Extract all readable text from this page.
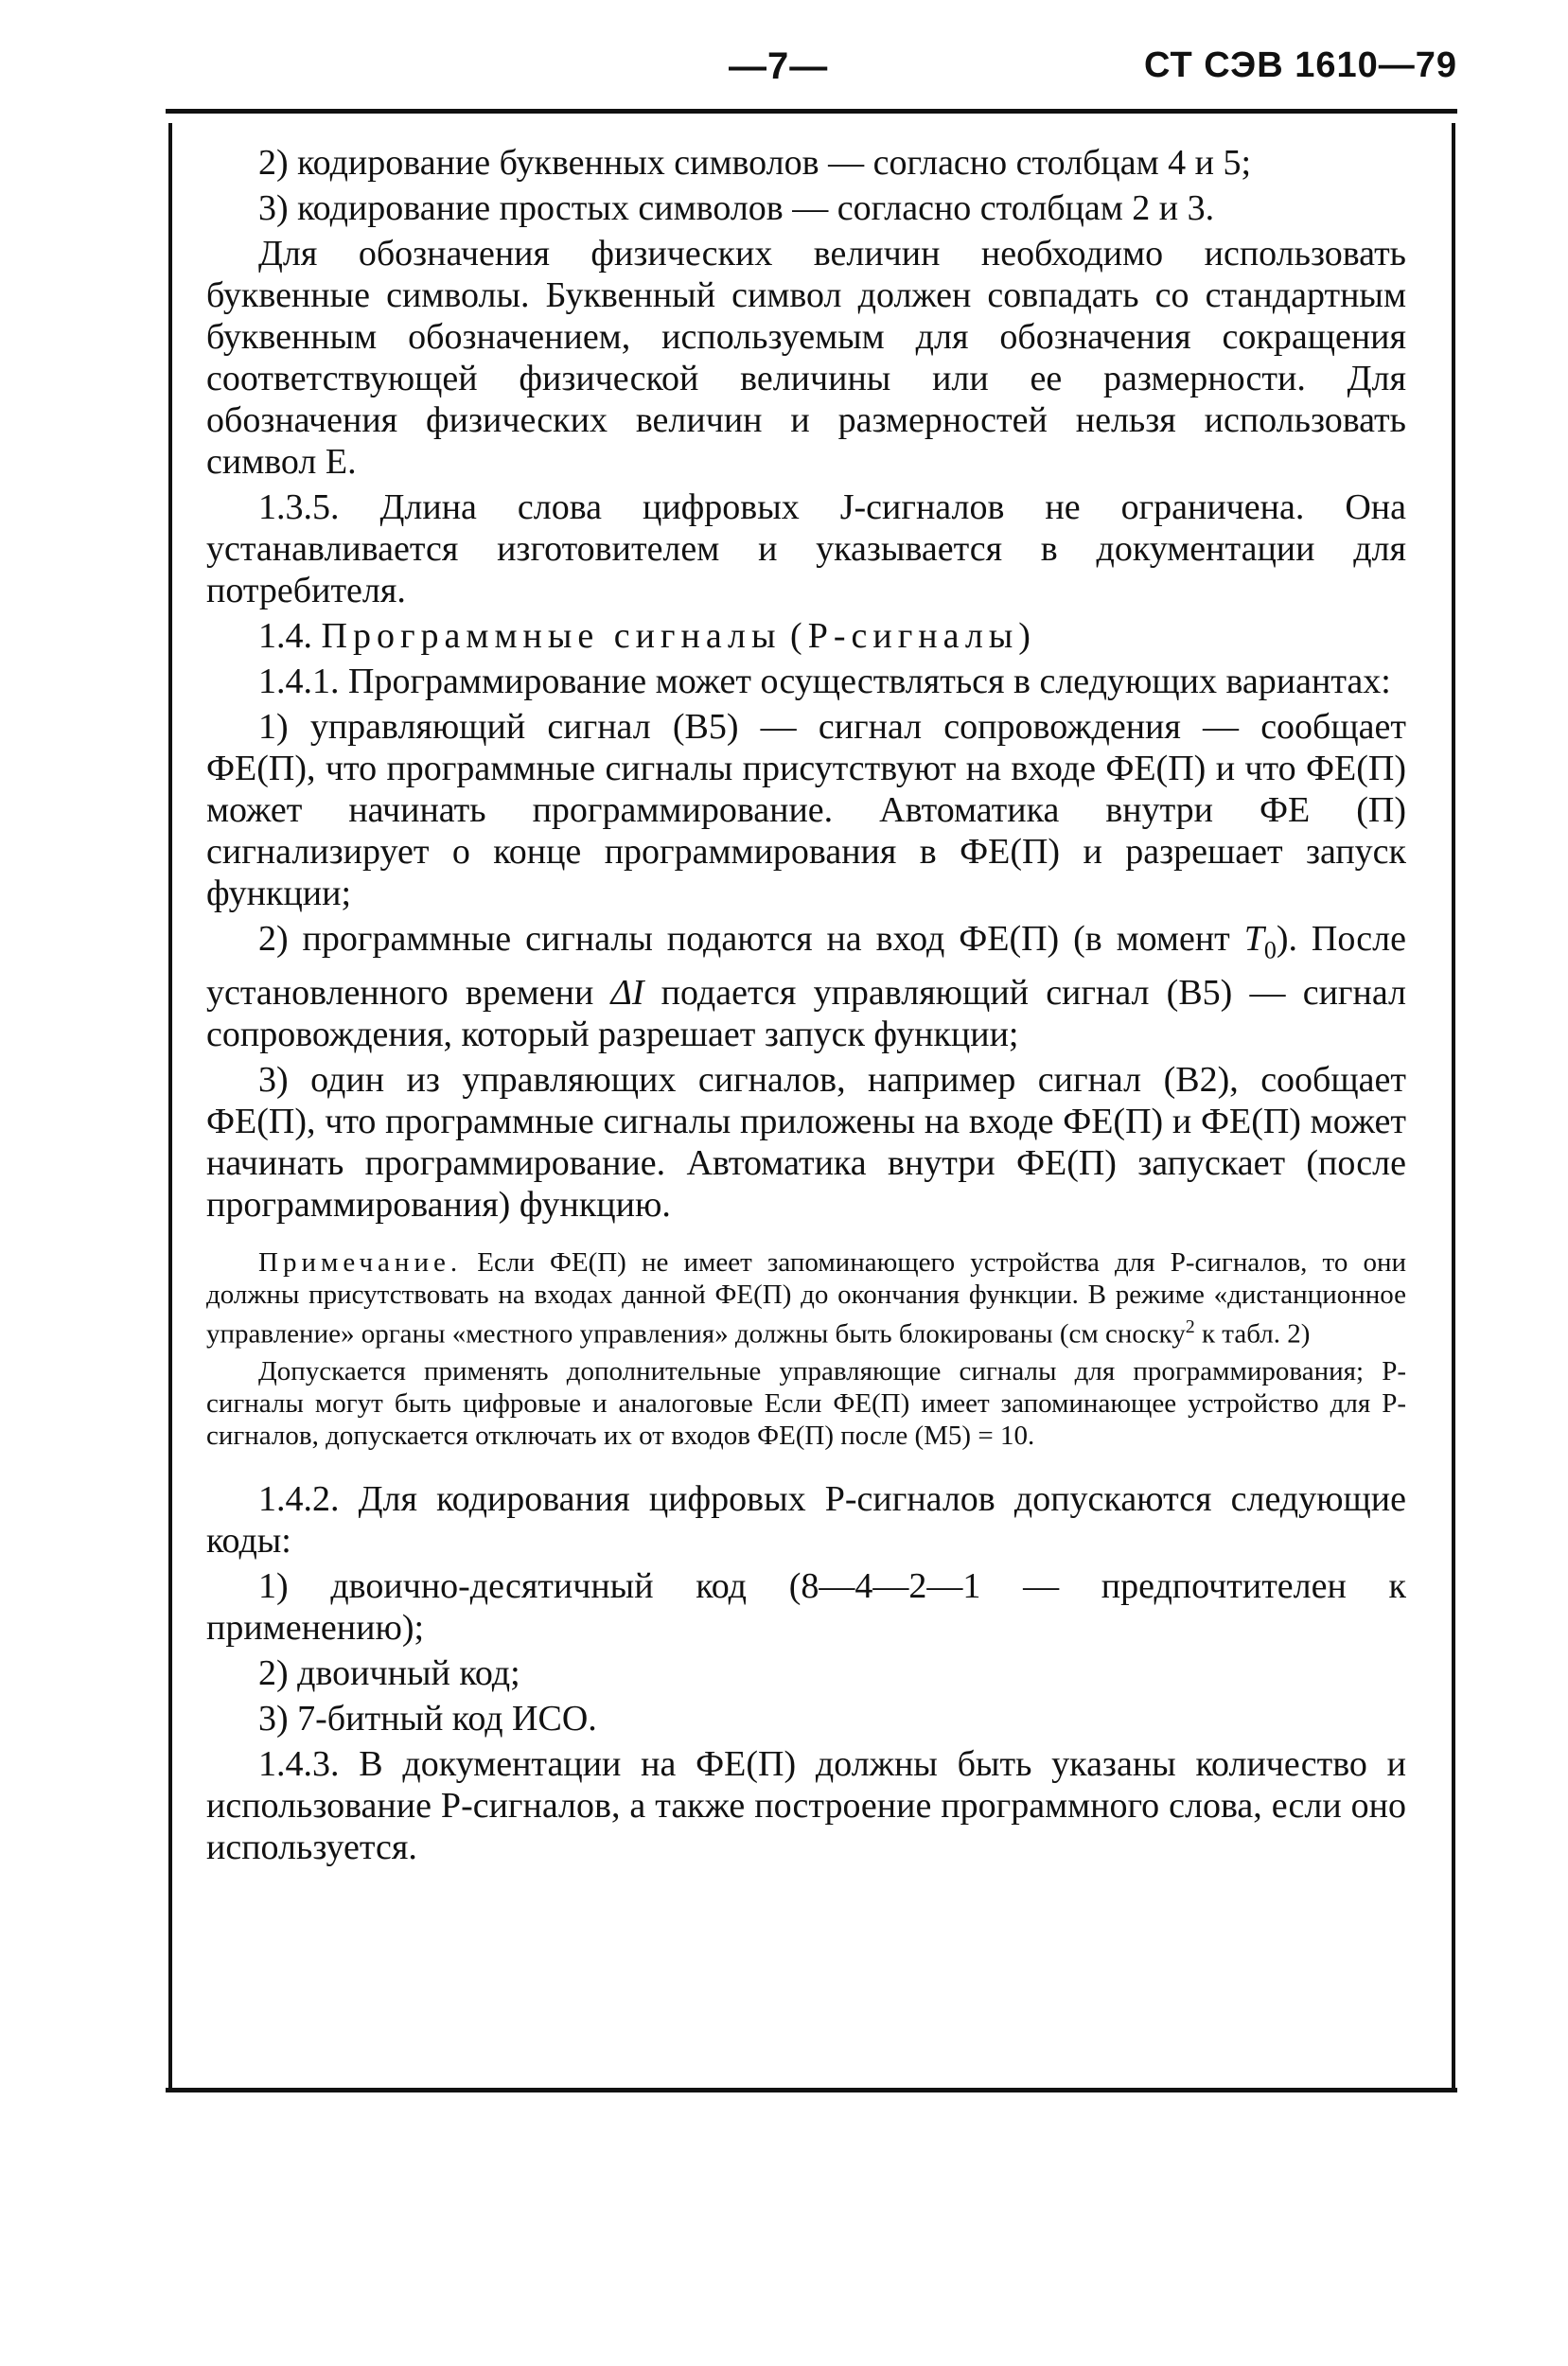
—7—	СТ СЭВ 1610—79

2) кодирование буквенных символов — согласно столбцам 4 и 5;

3) кодирование простых символов — согласно столбцам 2 и 3.

Для обозначения физических величин необходимо использовать буквенные символы. Буквенный символ должен совпадать со стандартным буквенным обозначением, используемым для обозначения сокращения соответствующей физической величины или ее размерности. Для обозначения физических величин и размерностей нельзя использовать символ E.

1.3.5. Длина слова цифровых J-сигналов не ограничена. Она устанавливается изготовителем и указывается в документации для потребителя.

1.4. Программные сигналы (Р-сигналы)

1.4.1. Программирование может осуществляться в следующих вариантах:

1) управляющий сигнал (B5) — сигнал сопровождения — сообщает ФЕ(П), что программные сигналы присутствуют на входе ФЕ(П) и что ФЕ(П) может начинать программирование. Автоматика внутри ФЕ (П) сигнализирует о конце программирования в ФЕ(П) и разрешает запуск функции;

2) программные сигналы подаются на вход ФЕ(П) (в момент $T_0$). После установленного времени ΔI подается управляющий сигнал (B5) — сигнал сопровождения, который разрешает запуск функции;

3) один из управляющих сигналов, например сигнал (B2), сообщает ФЕ(П), что программные сигналы приложены на входе ФЕ(П) и ФЕ(П) может начинать программирование. Автоматика внутри ФЕ(П) запускает (после программирования) функцию.

Примечание. Если ФЕ(П) не имеет запоминающего устройства для Р-сигналов, то они должны присутствовать на входах данной ФЕ(П) до окончания функции. В режиме «дистанционное управление» органы «местного управления» должны быть блокированы (см сноску$^2$ к табл. 2)

Допускается применять дополнительные управляющие сигналы для программирования; Р-сигналы могут быть цифровые и аналоговые Если ФЕ(П) имеет запоминающее устройство для Р-сигналов, допускается отключать их от входов ФЕ(П) после (M5) = 10.

1.4.2. Для кодирования цифровых Р-сигналов допускаются следующие коды:

1) двоично-десятичный код (8—4—2—1 — предпочтителен к применению);

2) двоичный код;

3) 7-битный код ИСО.

1.4.3. В документации на ФЕ(П) должны быть указаны количество и использование Р-сигналов, а также построение программного слова, если оно используется.
